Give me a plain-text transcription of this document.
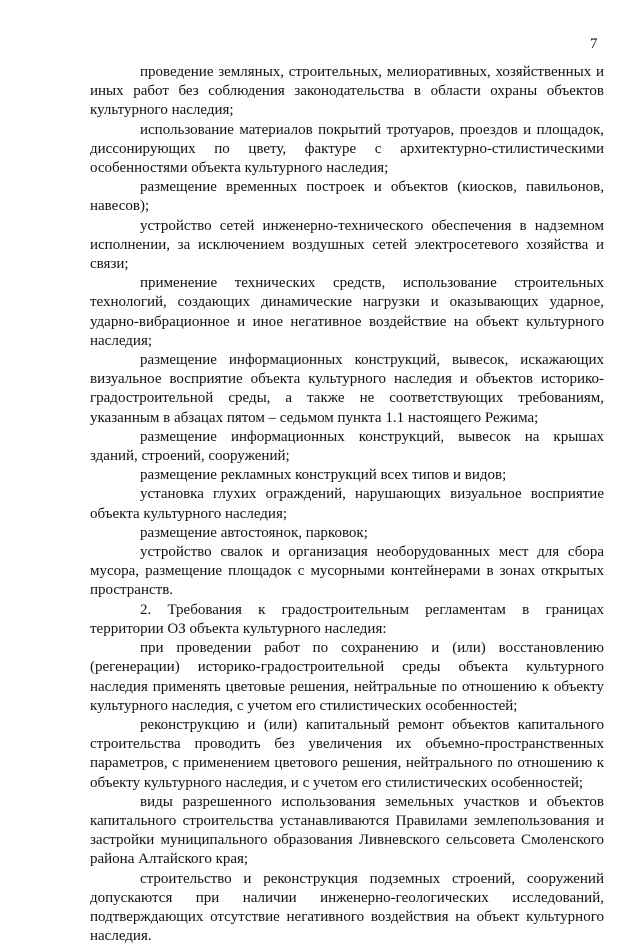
7

проведение земляных, строительных, мелиоративных, хозяйственных и иных работ без соблюдения законодательства в области охраны объектов культурного наследия;

использование материалов покрытий тротуаров, проездов и площадок, диссонирующих по цвету, фактуре с архитектурно-стилистическими особенностями объекта культурного наследия;

размещение временных построек и объектов (киосков, павильонов, навесов);

устройство сетей инженерно-технического обеспечения в надземном исполнении, за исключением воздушных сетей электросетевого хозяйства и связи;

применение технических средств, использование строительных технологий, создающих динамические нагрузки и оказывающих ударное, ударно-вибрационное и иное негативное воздействие на объект культурного наследия;

размещение информационных конструкций, вывесок, искажающих визуальное восприятие объекта культурного наследия и объектов историко-градостроительной среды, а также не соответствующих требованиям, указанным в абзацах пятом – седьмом пункта 1.1 настоящего Режима;

размещение информационных конструкций, вывесок на крышах зданий, строений, сооружений;

размещение рекламных конструкций всех типов и видов;

установка глухих ограждений, нарушающих визуальное восприятие объекта культурного наследия;

размещение автостоянок, парковок;

устройство свалок и организация необорудованных мест для сбора мусора, размещение площадок с мусорными контейнерами в зонах открытых пространств.

2. Требования к градостроительным регламентам в границах территории ОЗ объекта культурного наследия:

при проведении работ по сохранению и (или) восстановлению (регенерации) историко-градостроительной среды объекта культурного наследия применять цветовые решения, нейтральные по отношению к объекту культурного наследия, с учетом его стилистических особенностей;

реконструкцию и (или) капитальный ремонт объектов капитального строительства проводить без увеличения их объемно-пространственных параметров, с применением цветового решения, нейтрального по отношению к объекту культурного наследия, и с учетом его стилистических особенностей;

виды разрешенного использования земельных участков и объектов капитального строительства устанавливаются Правилами землепользования и застройки муниципального образования Ливневского сельсовета Смоленского района Алтайского края;

строительство и реконструкция подземных строений, сооружений допускаются при наличии инженерно-геологических исследований, подтверждающих отсутствие негативного воздействия на объект культурного наследия.
